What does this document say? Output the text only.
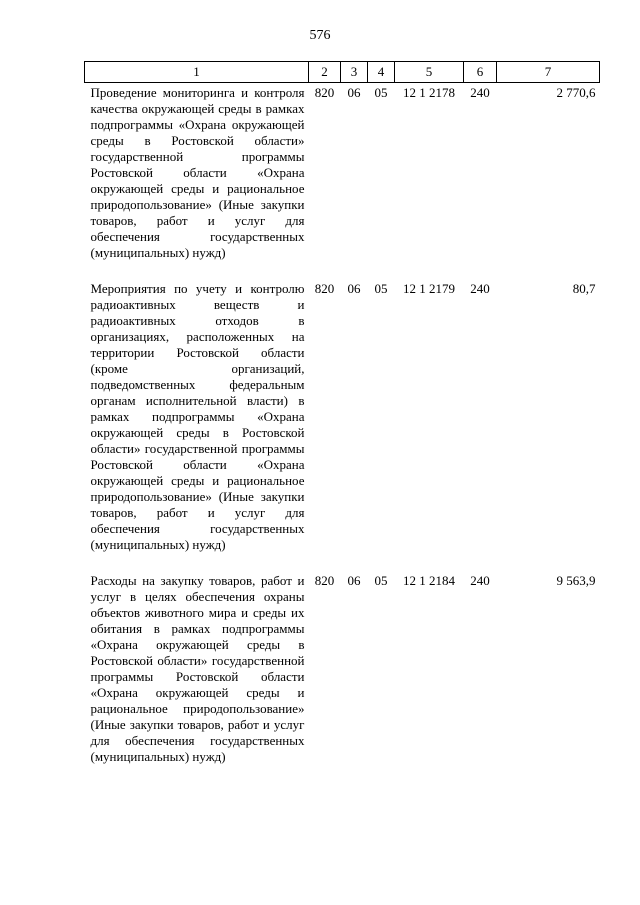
576
1	2	3	4	5	6	7
Проведение мониторинга и контроля качества окружающей среды в рамках подпрограммы «Охрана окружающей среды в Ростовской области» государственной программы Ростовской области «Охрана окружающей среды и рациональное природопользование» (Иные закупки товаров, работ и услуг для обеспечения государственных (муниципальных) нужд)	820	06	05	12 1 2178	240	2 770,6
Мероприятия по учету и контролю радиоактивных веществ и радиоактивных отходов в организациях, расположенных на территории Ростовской области (кроме организаций, подведомственных федеральным органам исполнительной власти) в рамках подпрограммы «Охрана окружающей среды в Ростовской области» государственной программы Ростовской области «Охрана окружающей среды и рациональное природопользование» (Иные закупки товаров, работ и услуг для обеспечения государственных (муниципальных) нужд)	820	06	05	12 1 2179	240	80,7
Расходы на закупку товаров, работ и услуг в целях обеспечения охраны объектов животного мира и среды их обитания в рамках подпрограммы «Охрана окружающей среды в Ростовской области» государственной программы Ростовской области «Охрана окружающей среды и рациональное природопользование» (Иные закупки товаров, работ и услуг для обеспечения государственных (муниципальных) нужд)	820	06	05	12 1 2184	240	9 563,9
